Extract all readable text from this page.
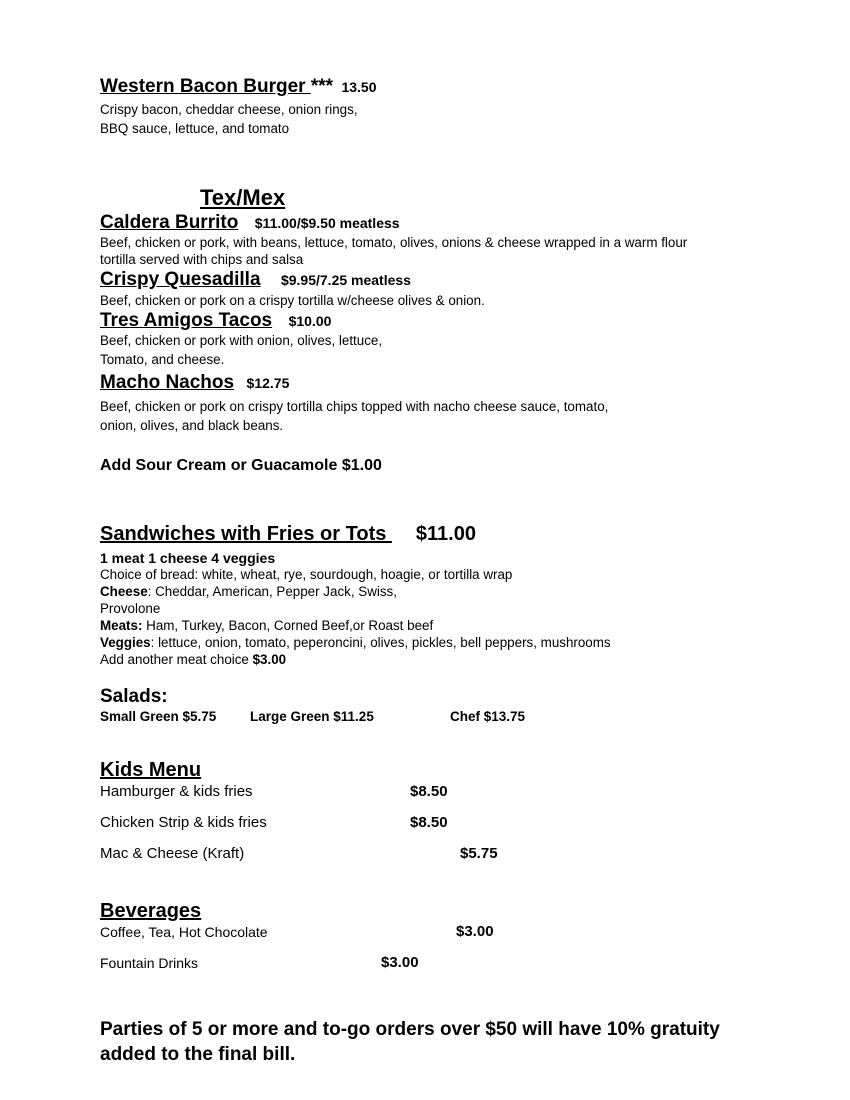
Western Bacon Burger *** 13.50
Crispy bacon, cheddar cheese, onion rings,
BBQ sauce, lettuce, and tomato
Tex/Mex
Caldera Burrito $11.00/$9.50 meatless
Beef, chicken or pork, with beans, lettuce, tomato, olives, onions & cheese wrapped in a warm flour
tortilla served with chips and salsa
Crispy Quesadilla $9.95/7.25 meatless
Beef, chicken or pork on a crispy tortilla w/cheese olives & onion.
Tres Amigos Tacos $10.00
Beef, chicken or pork with onion, olives, lettuce,
Tomato, and cheese.
Macho Nachos $12.75
Beef, chicken or pork on crispy tortilla chips topped with nacho cheese sauce, tomato,
onion, olives, and black beans.
Add Sour Cream or Guacamole $1.00
Sandwiches with Fries or Tots $11.00
1 meat 1 cheese 4 veggies
Choice of bread: white, wheat, rye, sourdough, hoagie, or tortilla wrap
Cheese: Cheddar, American, Pepper Jack, Swiss,
Provolone
Meats: Ham, Turkey, Bacon, Corned Beef,or Roast beef
Veggies: lettuce, onion, tomato, peperoncini, olives, pickles, bell peppers, mushrooms
Add another meat choice $3.00
Salads:
Small Green $5.75 Large Green $11.25	Chef $13.75
Kids Menu
Hamburger & kids fries	$8.50
Chicken Strip & kids fries	$8.50
Mac & Cheese (Kraft)	$5.75
Beverages
Coffee, Tea, Hot Chocolate	$3.00
Fountain Drinks	$3.00
Parties of 5 or more and to-go orders over $50 will have 10% gratuity
added to the final bill.
